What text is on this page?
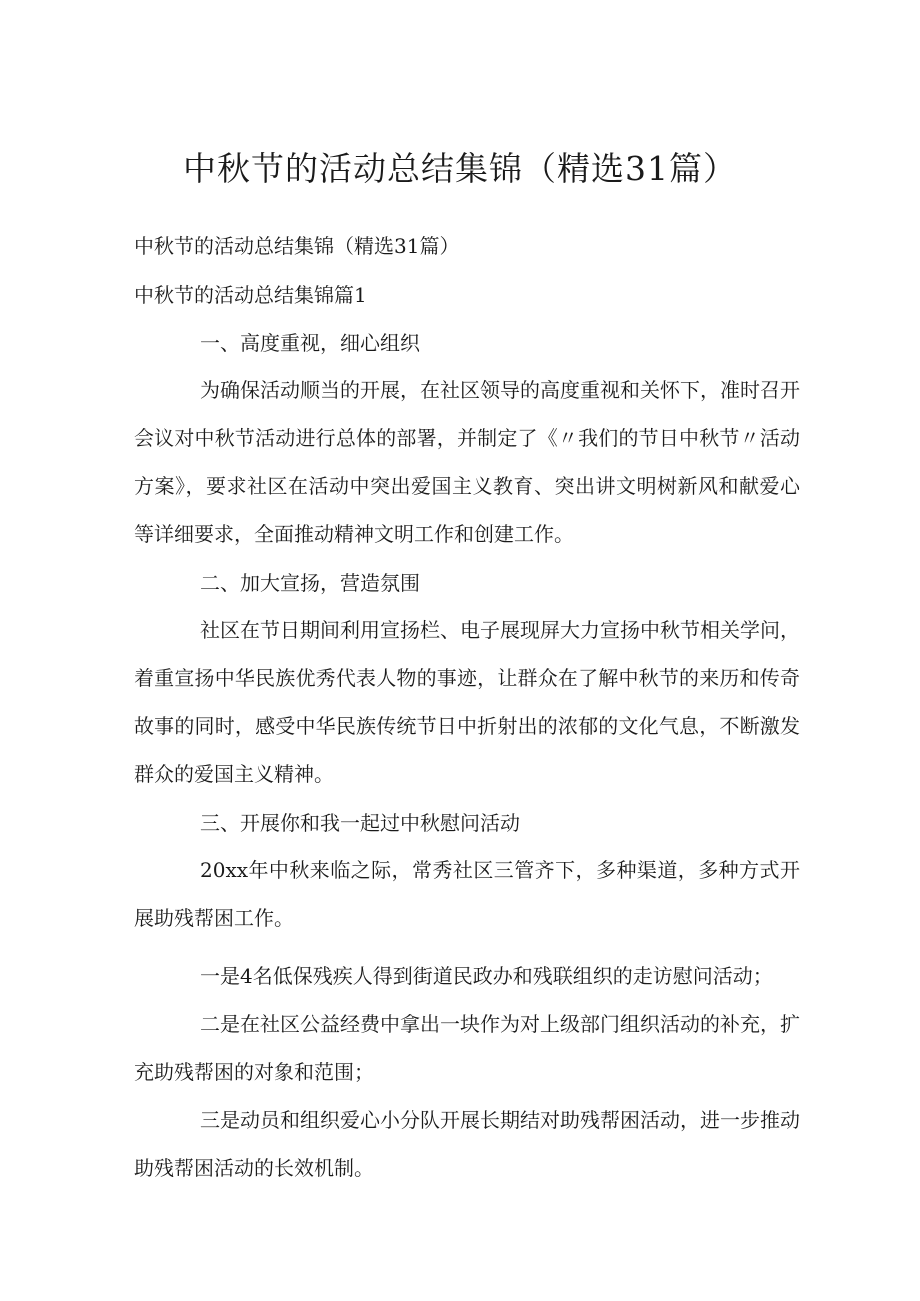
中秋节的活动总结集锦（精选31篇）

中秋节的活动总结集锦（精选31篇）

中秋节的活动总结集锦篇1

一、高度重视，细心组织

为确保活动顺当的开展，在社区领导的高度重视和关怀下，准时召开会议对中秋节活动进行总体的部署，并制定了《〃我们的节日中秋节〃活动方案》，要求社区在活动中突出爱国主义教育、突出讲文明树新风和献爱心等详细要求，全面推动精神文明工作和创建工作。

二、加大宣扬，营造氛围

社区在节日期间利用宣扬栏、电子展现屏大力宣扬中秋节相关学问，着重宣扬中华民族优秀代表人物的事迹，让群众在了解中秋节的来历和传奇故事的同时，感受中华民族传统节日中折射出的浓郁的文化气息，不断激发群众的爱国主义精神。

三、开展你和我一起过中秋慰问活动

20xx年中秋来临之际，常秀社区三管齐下，多种渠道，多种方式开展助残帮困工作。

一是4名低保残疾人得到街道民政办和残联组织的走访慰问活动；

二是在社区公益经费中拿出一块作为对上级部门组织活动的补充，扩充助残帮困的对象和范围；

三是动员和组织爱心小分队开展长期结对助残帮困活动，进一步推动助残帮困活动的长效机制。
